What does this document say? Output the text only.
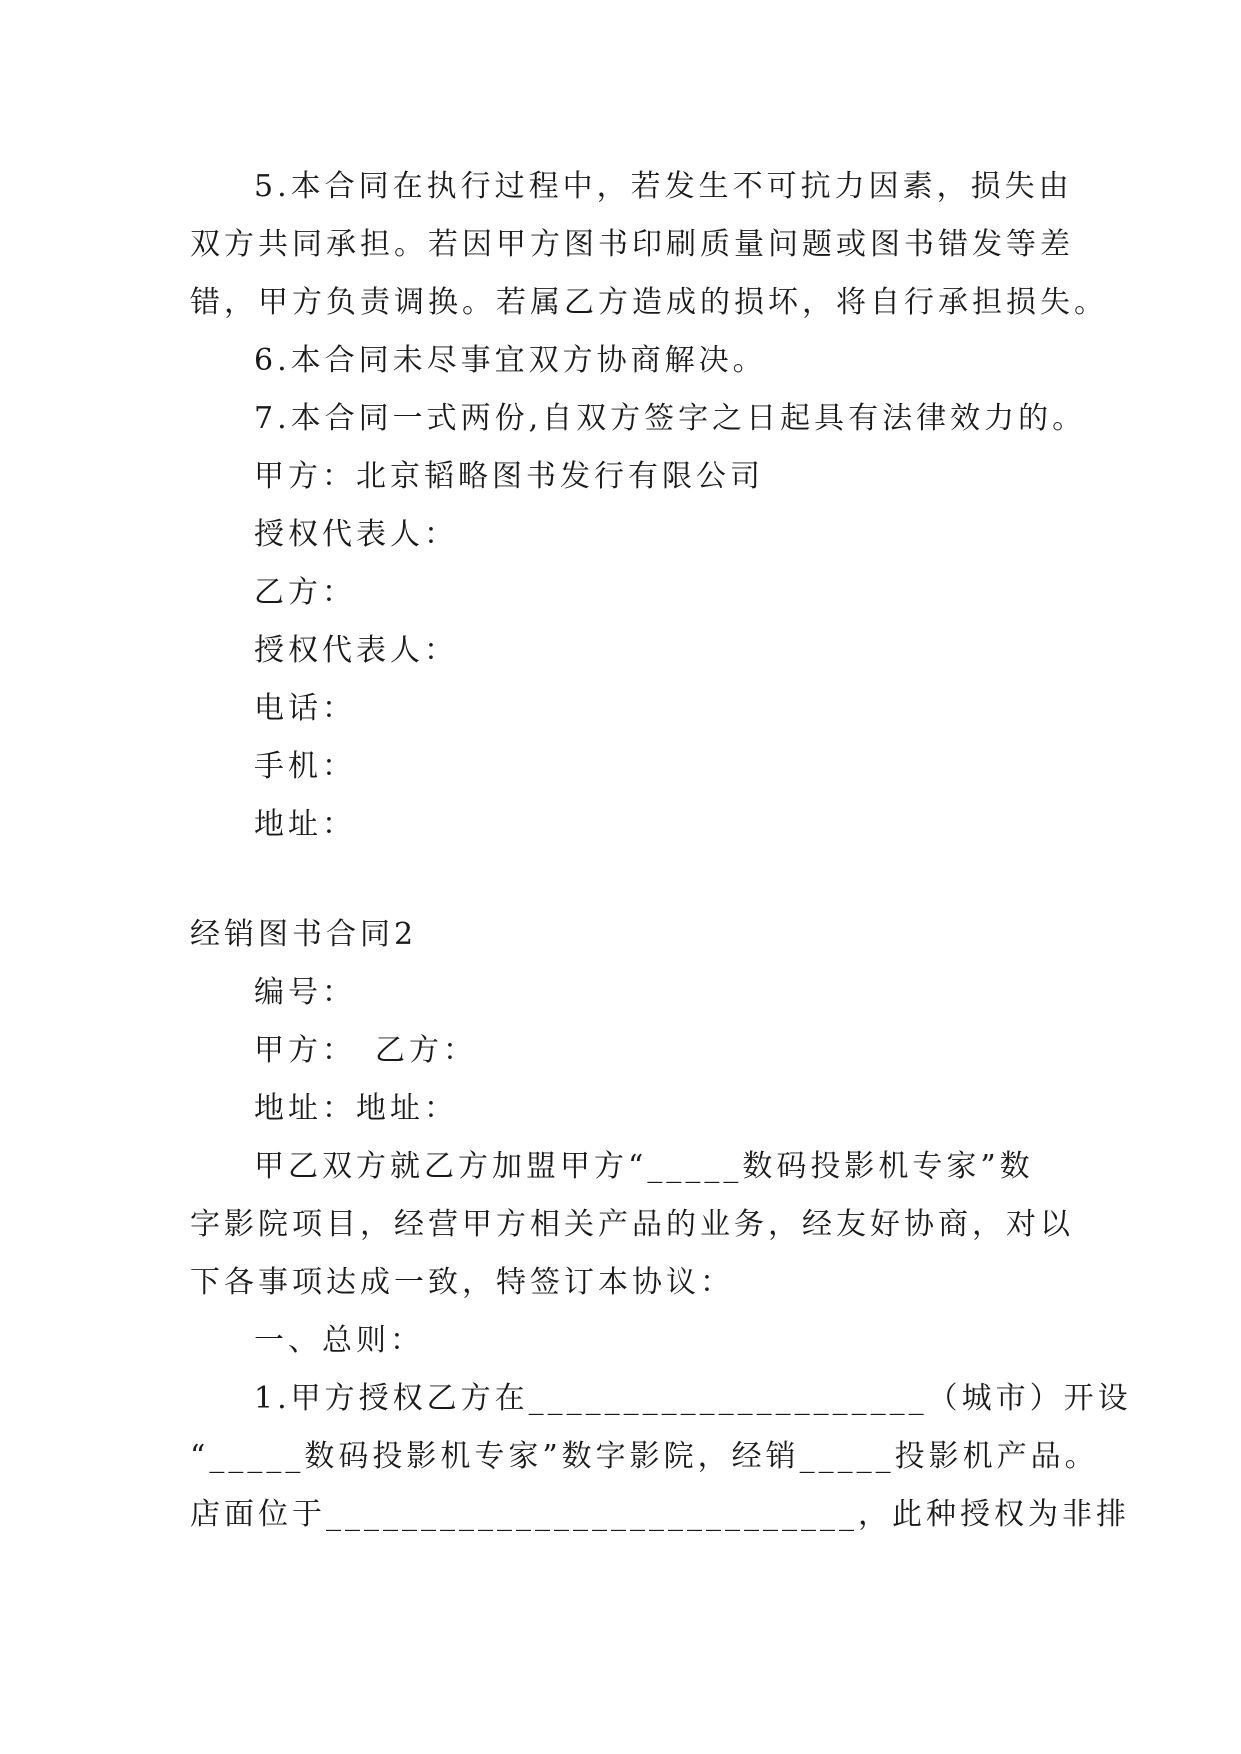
5.本合同在执行过程中，若发生不可抗力因素，损失由

双方共同承担。若因甲方图书印刷质量问题或图书错发等差

错，甲方负责调换。若属乙方造成的损坏，将自行承担损失。

6.本合同未尽事宜双方协商解决。

7.本合同一式两份,自双方签字之日起具有法律效力的。

甲方：北京韬略图书发行有限公司

授权代表人：

乙方：

授权代表人：

电话：

手机：

地址：

经销图书合同2

编号：

甲方：　乙方：

地址：地址：

甲乙双方就乙方加盟甲方“_____数码投影机专家”数

字影院项目，经营甲方相关产品的业务，经友好协商，对以

下各事项达成一致，特签订本协议：

一、总则：

1.甲方授权乙方在_____________________（城市）开设

“_____数码投影机专家”数字影院，经销_____投影机产品。

店面位于____________________________，此种授权为非排
